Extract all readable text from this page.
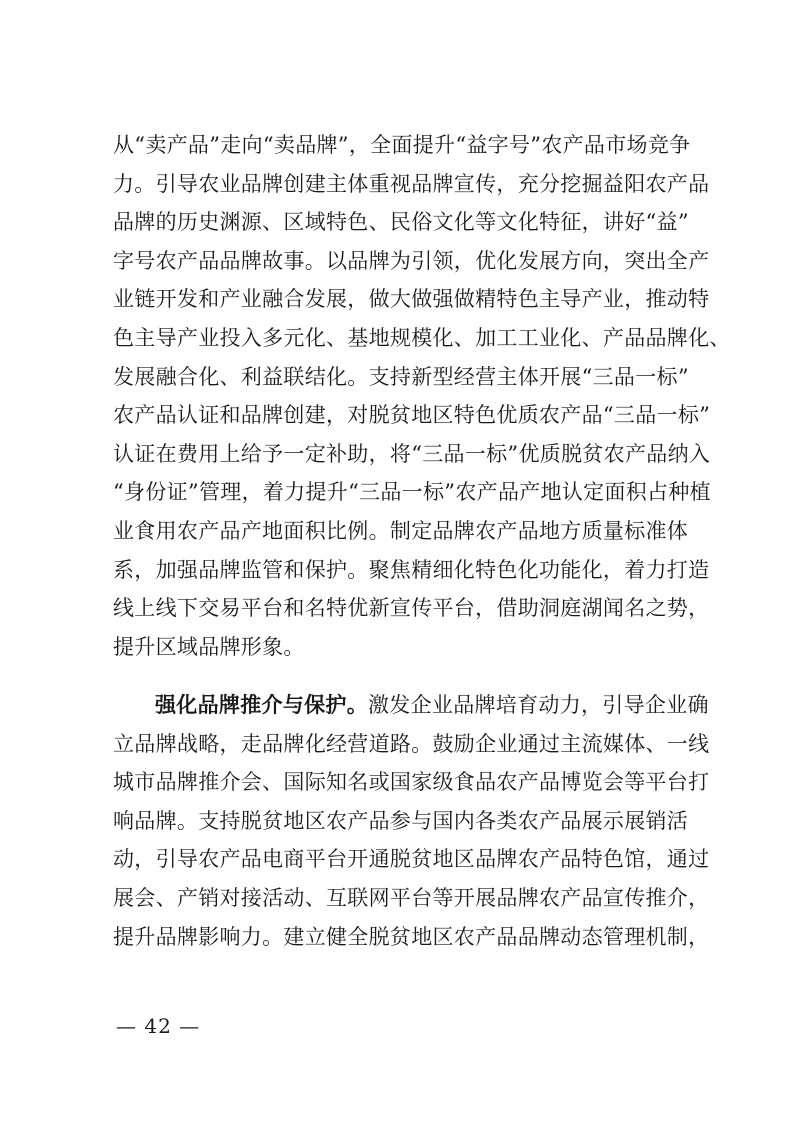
从“卖产品”走向“卖品牌”，全面提升“益字号”农产品市场竞争
力。引导农业品牌创建主体重视品牌宣传，充分挖掘益阳农产品
品牌的历史渊源、区域特色、民俗文化等文化特征，讲好“益”
字号农产品品牌故事。以品牌为引领，优化发展方向，突出全产
业链开发和产业融合发展，做大做强做精特色主导产业，推动特
色主导产业投入多元化、基地规模化、加工工业化、产品品牌化、
发展融合化、利益联结化。支持新型经营主体开展“三品一标”
农产品认证和品牌创建，对脱贫地区特色优质农产品“三品一标”
认证在费用上给予一定补助，将“三品一标”优质脱贫农产品纳入
“身份证”管理，着力提升“三品一标”农产品产地认定面积占种植
业食用农产品产地面积比例。制定品牌农产品地方质量标准体
系，加强品牌监管和保护。聚焦精细化特色化功能化，着力打造
线上线下交易平台和名特优新宣传平台，借助洞庭湖闻名之势，
提升区域品牌形象。
强化品牌推介与保护。激发企业品牌培育动力，引导企业确
立品牌战略，走品牌化经营道路。鼓励企业通过主流媒体、一线
城市品牌推介会、国际知名或国家级食品农产品博览会等平台打
响品牌。支持脱贫地区农产品参与国内各类农产品展示展销活
动，引导农产品电商平台开通脱贫地区品牌农产品特色馆，通过
展会、产销对接活动、互联网平台等开展品牌农产品宣传推介，
提升品牌影响力。建立健全脱贫地区农产品品牌动态管理机制，
— 42 —
